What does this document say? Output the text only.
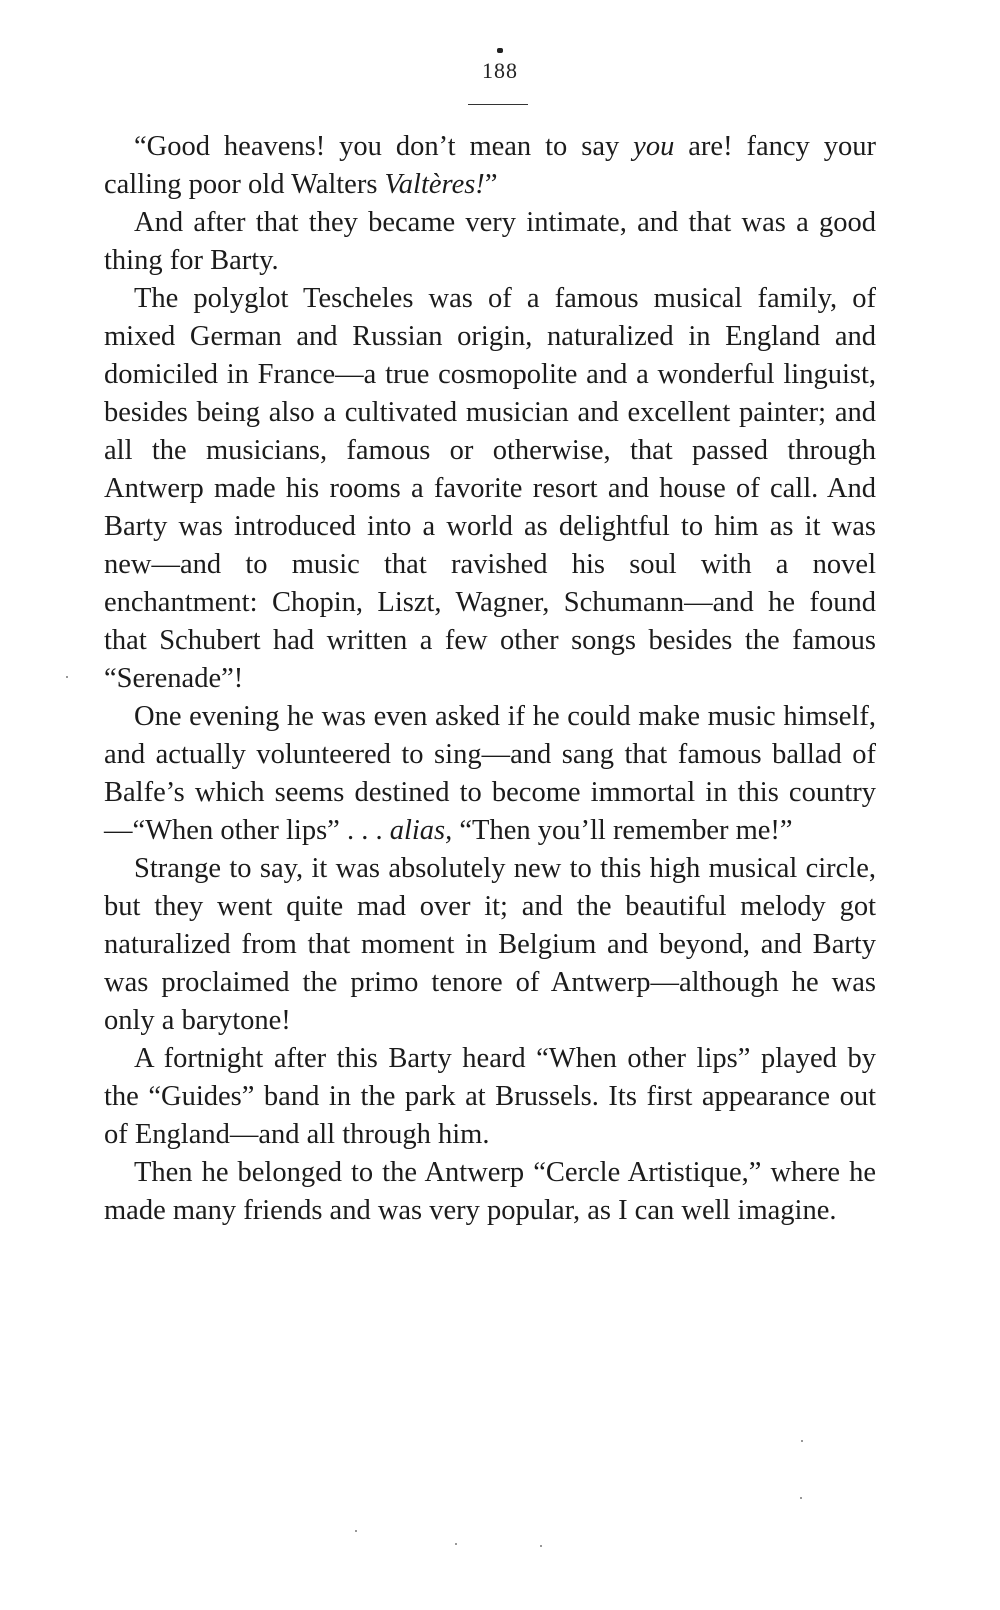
188

“Good heavens! you don’t mean to say you are! fancy your calling poor old Walters Valtères!”

And after that they became very intimate, and that was a good thing for Barty.

The polyglot Tescheles was of a famous musical family, of mixed German and Russian origin, naturalized in England and domiciled in France—a true cosmopolite and a wonderful linguist, besides being also a cultivated musician and excellent painter; and all the musicians, famous or otherwise, that passed through Antwerp made his rooms a favorite resort and house of call. And Barty was introduced into a world as delightful to him as it was new—and to music that ravished his soul with a novel enchantment: Chopin, Liszt, Wagner, Schumann—and he found that Schubert had written a few other songs besides the famous “Serenade”!

One evening he was even asked if he could make music himself, and actually volunteered to sing—and sang that famous ballad of Balfe’s which seems destined to become immortal in this country—“When other lips” . . . alias, “Then you’ll remember me!”

Strange to say, it was absolutely new to this high musical circle, but they went quite mad over it; and the beautiful melody got naturalized from that moment in Belgium and beyond, and Barty was proclaimed the primo tenore of Antwerp—although he was only a barytone!

A fortnight after this Barty heard “When other lips” played by the “Guides” band in the park at Brussels. Its first appearance out of England—and all through him.

Then he belonged to the Antwerp “Cercle Artistique,” where he made many friends and was very popular, as I can well imagine.
